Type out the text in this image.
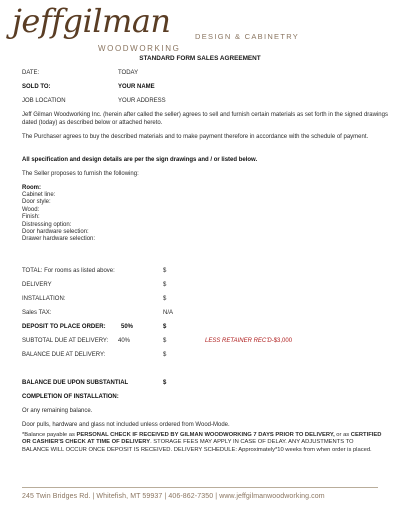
jeffgilman	DESIGN & CABINETRY
WOODWORKING
STANDARD FORM SALES AGREEMENT
DATE:	TODAY
SOLD TO:	YOUR NAME
JOB LOCATION	YOUR ADDRESS
Jeff Gilman Woodworking Inc. (herein after called the seller) agrees to sell and furnish certain materials as set forth in the signed drawings dated (today) as described below or attached hereto.
The Purchaser agrees to buy the described materials and to make payment therefore in accordance with the schedule of payment.
All specification and design details are per the sign drawings and / or listed below.
The Seller proposes to furnish the following:
Room:
Cabinet line:
Door style:
Wood:
Finish:
Distressing option:
Door hardware selection:
Drawer hardware selection:
TOTAL: For rooms as listed above:	$
DELIVERY	$
INSTALLATION:	$
Sales TAX:	N/A
DEPOSIT TO PLACE ORDER:	50%	$
SUBTOTAL DUE AT DELIVERY: 40%	$	LESS RETAINER REC'D-$3,000
BALANCE DUE AT DELIVERY:	$
BALANCE DUE UPON SUBSTANTIAL	$
COMPLETION OF INSTALLATION:
Or any remaining balance.
Door pulls, hardware and glass not included unless ordered from Wood-Mode.
*Balance payable as PERSONAL CHECK IF RECEIVED BY GILMAN WOODWORKING 7 DAYS PRIOR TO DELIVERY, or as CERTIFIED OR CASHIER'S CHECK AT TIME OF DELIVERY. STORAGE FEES MAY APPLY IN CASE OF DELAY. ANY ADJUSTMENTS TO BALANCE WILL OCCUR ONCE DEPOSIT IS RECEIVED. DELIVERY SCHEDULE: Approximately*10 weeks from when order is placed.
245 Twin Bridges Rd. | Whitefish, MT 59937 | 406-862-7350 | www.jeffgilmanwoodworking.com
